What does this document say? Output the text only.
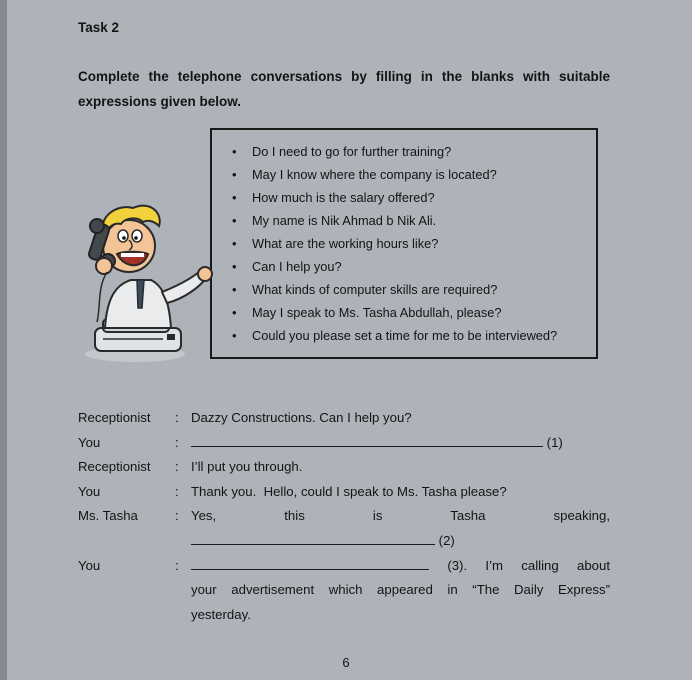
Task 2
Complete the telephone conversations by filling in the blanks with suitable expressions given below.
• Do I need to go for further training?
• May I know where the company is located?
• How much is the salary offered?
• My name is Nik Ahmad b Nik Ali.
• What are the working hours like?
• Can I help you?
• What kinds of computer skills are required?
• May I speak to Ms. Tasha Abdullah, please?
• Could you please set a time for me to be interviewed?
Receptionist	: Dazzy Constructions. Can I help you?
You	:	(1)
Receptionist	: I’ll put you through.
You	: Thank you.  Hello, could I speak to Ms. Tasha please?
Ms. Tasha	: Yes, this is Tasha speaking,
(2)
You	:	(3). I’m calling about
your advertisement which appeared in “The Daily Express”
yesterday.
6
